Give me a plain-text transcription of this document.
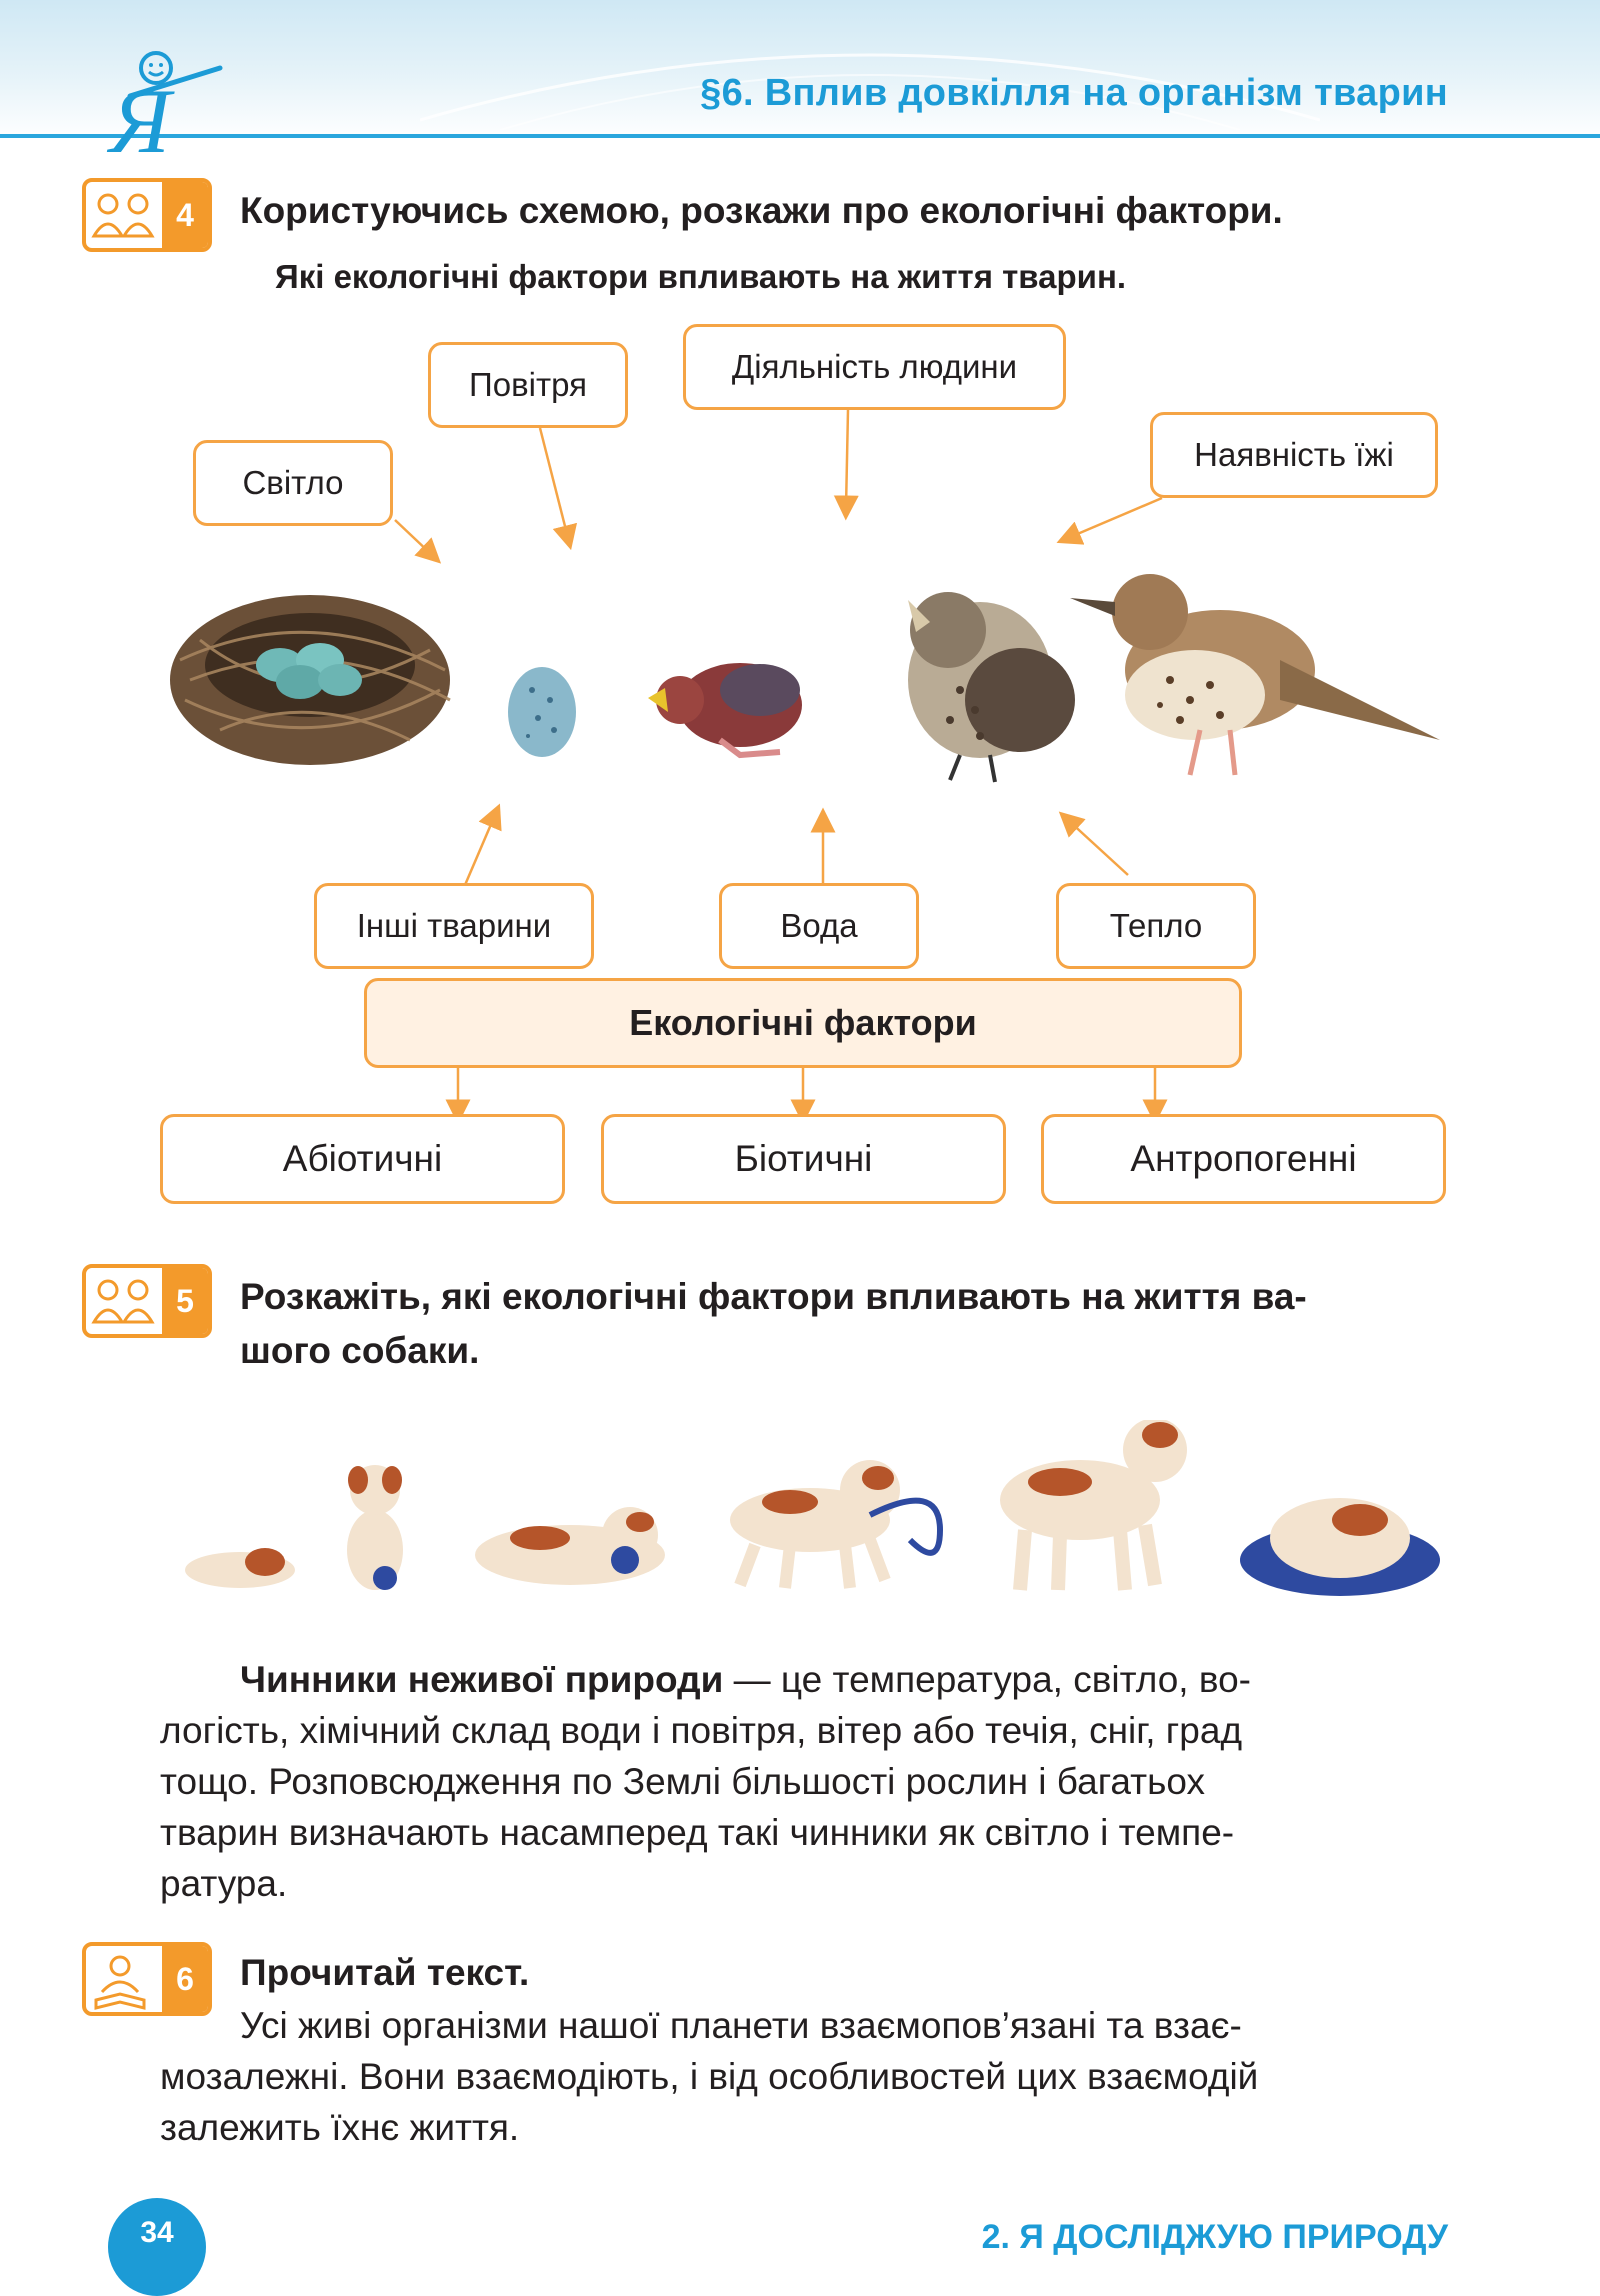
Я	§6. Вплив довкілля на організм тварин
4	Користуючись схемою, розкажи про екологічні фактори.
Які екологічні фактори впливають на життя тварин.
Світло
Повітря	Діяльність людини
Наявність їжі
Інші тварини	Вода	Тепло
Екологічні фактори
Абіотичні	Біотичні	Антропогенні
5	Розкажіть, які екологічні фактори впливають на життя ва-
шого собаки.
Чинники неживої природи — це температура, світло, во-
логість, хімічний склад води і повітря, вітер або течія, сніг, град
тощо. Розповсюдження по Землі більшості рослин і багатьох
тварин визначають насамперед такі чинники як світло і темпе-
ратура.
6	Прочитай текст.
Усі живі організми нашої планети взаємопов’язані та взає-
мозалежні. Вони взаємодіють, і від особливостей цих взаємодій
залежить їхнє життя.
34	2. Я ДОСЛІДЖУЮ ПРИРОДУ
